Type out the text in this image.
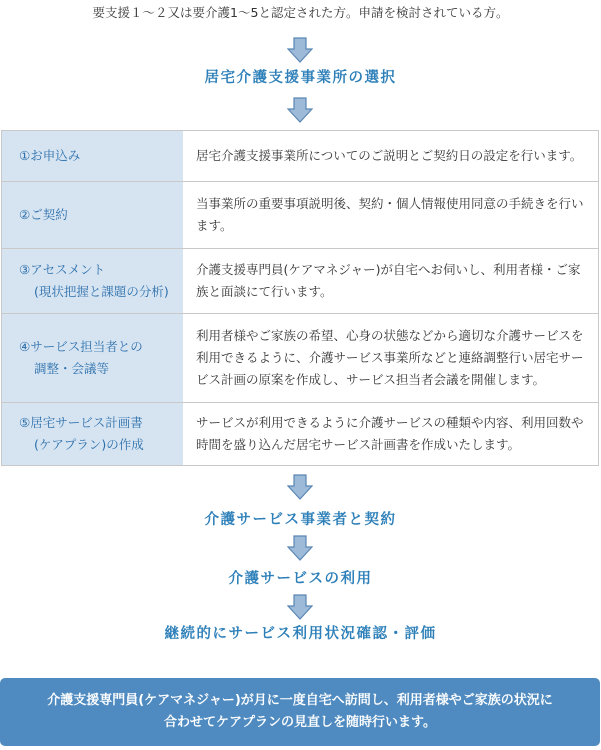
要支援１～２又は要介護1～5と認定された方。申請を検討されている方。
居宅介護支援事業所の選択
①お申込み	居宅介護支援事業所についてのご説明とご契約日の設定を行います。
②ご契約
当事業所の重要事項説明後、契約・個人情報使用同意の手続きを行います。
③アセスメント
(現状把握と課題の分析)
介護支援専門員(ケアマネジャー)が自宅へお伺いし、利用者様・ご家族と面談にて行います。
④サービス担当者との
調整・会議等
利用者様やご家族の希望、心身の状態などから適切な介護サービスを利用できるように、介護サービス事業所などと連絡調整行い居宅サービス計画の原案を作成し、サービス担当者会議を開催します。
⑤居宅サービス計画書
(ケアプラン)の作成
サービスが利用できるように介護サービスの種類や内容、利用回数や時間を盛り込んだ居宅サービス計画書を作成いたします。
介護サービス事業者と契約
介護サービスの利用
継続的にサービス利用状況確認・評価
介護支援専門員(ケアマネジャー)が月に一度自宅へ訪問し、利用者様やご家族の状況に
合わせてケアプランの見直しを随時行います。
